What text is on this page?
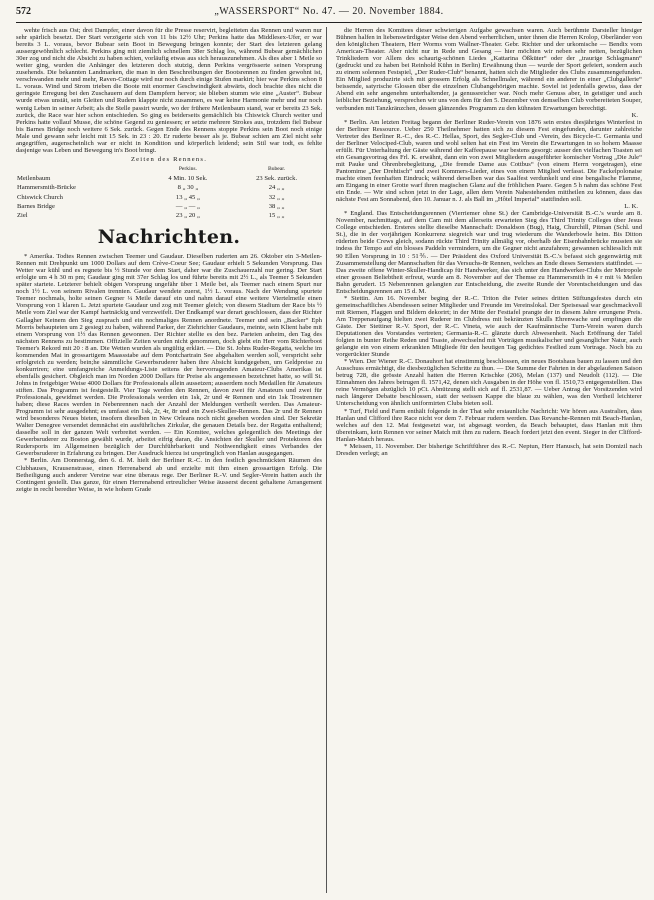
572	„WASSERSPORT“ No. 47. — 20. November 1884.

wehte frisch aus Ost; drei Dampfer, einer davon für die Presse reservirt, begleiteten das Rennen und waren nur sehr spärlich besetzt. Der Start verzögerte sich von 11 bis 12½ Uhr; Perkins hatte das Middlesex-Ufer, er war bereits 3 L. voraus, bevor Bubear sein Boot in Bewegung bringen konnte; der Start des letzteren gelang aussergewöhnlich schlecht. Perkins ging mit ziemlich schnellem 38er Schlag los, während Bubear gemächlichen 30er zog und nicht die Absicht zu haben schien, vorläufig etwas aus sich herauszunehmen. Als dies aber 1 Meile so weiter ging, wurden die Anhänger des letzteren doch stutzig, denn Perkins vergrösserte seinen Vorsprung zusehends. Die bekannten Landmarken, die man in den Beschreibungen der Bootsrennen zu finden gewohnt ist, verschwanden mehr und mehr, Raven-Cottage wird nur noch durch einige Stufen markirt; hier war Perkins schon 8 L. voraus. Wind und Strom trieben die Boote mit enormer Geschwindigkeit abwärts, doch brachte dies nicht die geringste Erregung bei den Zuschauern auf dem Dampfern hervor; sie blieben stumm wie eine „Auster“. Bubear wurde etwas unstät, sein Gleiten und Rudern klappte nicht zusammen, es war keine Harmonie mehr und nur noch wenig Leben in seiner Arbeit; als die Stelle passirt wurde, wo der frühere Meilenbaum stand, war er bereits 23 Sek. zurück, die Race war hier schon entschieden. So ging es beiderseits gemächlich bis Chiswick Church weiter und Perkins hatte vollauf Musse, die schöne Gegend zu geniessen; er setzte mehrere Strokes aus, trotzdem fiel Bubear bis Barnes Bridge noch weitere 6 Sek. zurück. Gegen Ende des Rennens stoppte Perkins sein Boot noch einige Male und gewann sehr leicht mit 15 Sek. in 23 : 20. Er ruderte besser als je. Bubear schien am Ziel nicht sehr angegriffen, augenscheinlich war er nicht in Kondition und körperlich leidend; sein Stil war todt, es fehlte dasjenige was Leben und Bewegung in's Boot bringt.

Zeiten des Rennens.
	Perkins.	Bubear.
Meilenbaum	4 Min. 10 Sek.	23 Sek. zurück.
Hammersmith-Brücke	8 „ 30 „	24 „ „
Chiswick Church	13 „ 45 „	32 „ „
Barnes Bridge	— „ — „	38 „ „
Ziel	23 „ 20 „	15 „ „

Nachrichten.

* Amerika. Todtes Rennen zwischen Teemer und Gaudaur. Dieselben ruderten am 26. Oktober ein 3-Meilen-Rennen mit Drehpunkt um 1000 Dollars auf dem Crève-Coeur See; Gaudaur erhielt 5 Sekunden Vorsprung. Das Wetter war kühl und es regnete bis ½ Stunde vor dem Start, daher war die Zuschauerzahl nur gering. Der Start erfolgte um 4 h 30 m pm; Gaudaur ging mit 37er Schlag los und führte bereits mit 2½ L., als Teemer 5 Sekunden später startete. Letzterer behielt obigen Vorsprung ungefähr über 1 Meile bei, als Teemer nach einem Spurt nur noch 1½ L. von seinem Rivalen trennten. Gaudaur wendete zuerst, 1½ L. voraus. Nach der Wendung spurtete Teemer nochmals, holte seinen Gegner ¼ Meile darauf ein und nahm darauf eine weitere Viertelmeile einen Vorsprung von 1 klaren L. Jetzt spurtete Gaudaur und zog mit Teemer gleich; von diesem Stadium der Race bis ½ Meile vom Ziel war der Kampf hartnäckig und verzweifelt. Der Endkampf war derart geschlossen, dass der Richter Gallagher Keinem den Sieg zusprach und ein nochmaliges Rennen anordnete. Teemer und sein „Backer“ Eph Morris behaupteten um 2 gesiegt zu haben, während Parker, der Ziehrichter Gaudaurs, meinte, sein Klient habe mit einem Vorsprung von 1½ das Rennen gewonnen. Der Richter stellte es den bez. Parteien anheim, den Tag des nächsten Rennens zu bestimmen. Offizielle Zeiten wurden nicht genommen, doch giebt ein Herr vom Richterboot Teemer's Rekord mit 20 : 8 an. Die Wetten wurden als ungültig erklärt. — Die St. Johns Ruder-Regatta, welche im kommenden Mai in grossartigem Maassstabe auf dem Pontchartrain See abgehalten werden soll, verspricht sehr erfolgreich zu werden; bein;he sämmtliche Gewerbsruderer haben ihre Absicht kundgegeben, um Geldpreise zu konkurriren; eine umfangreiche Anmeldungs-Liste seitens der hervorragenden Amateur-Clubs Amerikas ist ebenfalls gesichert. Obgleich man im Norden 2000 Dollars für Preise als angemessen bezeichnet hatte, so will St. Johns in freigebiger Weise 4000 Dollars für Professionals allein aussetzen; ausserdem noch Medaillen für Amateurs stiften. Das Programm ist festgestellt. Vier Tage werden den Rennen, davon zwei für Amateurs und zwei für Professionals, gewidmet werden. Die Professionals werden ein 1sk, 2r und 4r Rennen und ein 1sk Trostrennen haben; diese Races werden in Nebenrennen nach der Anzahl der Meldungen vertheilt werden. Das Amateur-Programm ist sehr ausgedehnt; es umfasst ein 1sk, 2r, 4r, 8r und ein Zwei-Skuller-Rennen. Das 2r und 8r Rennen wird besonderes Neues bieten, insofern dieselben in New Orleans noch nicht gesehen worden sind. Der Sekretär Walter Denegree versendet demnächst ein ausführliches Zirkular, die genauen Details bez. der Regatta enthaltend; dasselbe soll in der ganzen Welt verbreitet werden. — Ein Komitee, welches gelegentlich des Meetings der Gewerbsruderer zu Boston gewählt wurde, arbeitet eifrig daran, die Ansichten der Skuller und Protektoren des Rudersports im Allgemeinen bezüglich der Durchführbarkeit und Nothwendigkeit eines Verbandes der Gewerbsruderer in Erfahrung zu bringen. Der Ausdruck hierzu ist ursprünglich von Hanlan ausgegangen.

* Berlin. Am Donnerstag, den 6. d. M. hielt der Berliner R.-C. in den festlich geschmückten Räumen des Clubhauses, Krausenstrasse, einen Herrenabend ab und erzielte mit ihm einen grossartigen Erfolg. Die Betheiligung auch anderer Vereine war eine überaus rege. Der Berliner R.-V. und Segler-Verein hatten auch ihr Contingent gestellt. Das ganze, für einen Herrenabend ertreulicher Weise äusserst decent gehaltene Arrangement zeigte in recht beredter Weise, in wie hohem Grade

die Herren des Komitees dieser schwierigen Aufgabe gewachsen waren. Auch berühmte Darsteller hiesiger Bühnen halfen in liebenswürdigster Weise den Abend verherrlichen, unter ihnen die Herren Krolop, Oberländer von den königlichen Theatern, Herr Worms vom Wallner-Theater. Gebr. Richter und der urkomische — Bendix vom American-Theater. Aber nicht nur in Rede und Gesang — hier möchten wir neben sehr netten, bezüglichen Trinkliedern vor Allem des schaurig-schönen Liedes „Kattarina Ößküter“ oder der „traurige Schlagmann“ (gedruckt und zu haben bei Reinhold Kühn in Berlin) Erwähnung thun — wurde der Sport gefeiert, sondern auch zu einem solennen Festspiel, „Der Ruder-Club“ benannt, hatten sich die Mitglieder des Clubs zusammengefunden. Ein Mitglied produzirte sich mit grossem Erfolg als Schnellmaler, während ein anderer in einer „Clubgallerie“ beissende, satyrische Glossen über die einzelnen Clubangehörigen machte. Soviel ist jedenfalls gewiss, dass der Abend ein sehr angenehm unterhaltender, ja genussreicher war. Noch mehr Genuss aber, in geistiger und auch leiblicher Beziehung, versprechen wir uns von dem für den 5. Dezember von demselben Club vorbereiteten Souper, verbunden mit Tanzkränzchen, dessen glänzendes Programm zu den kühnsten Erwartungen berechtigt.

K.

* Berlin. Am letzten Freitag begann der Berliner Ruder-Verein von 1876 sein erstes diesjähriges Winterfest in der Berliner Ressource. Ueber 250 Theilnehmer hatten sich zu diesem Fest eingefunden, darunter zahlreiche Vertreter des Berliner R.-C., des R.-C. Hellas, Sport, des Segler-Club und -Verein, des Bicycle-C. Germania und der Berliner Velociped-Club, waren und wohl selten hat ein Fest im Verein die Erwartungen in so hohem Maasse erfüllt. Für Unterhaltung der Gäste während der Kaffeepause war bestens gesorgt: ausser den vielfachen Toasten sei ein Gesangsvortrag des Frl. K. erwähnt, dann ein von zwei Mitgliedern ausgeführter komischer Vortrag „Die Jule“ mit Pauke und Ohrenbrebegleitung, „Die fremde Dame aus Cottbus“ (von einem Herrn vorgetragen), eine Pantomime „Der Drehtisch“ und zwei Kommers-Lieder, eines von einem Mitglied verfasst. Die Fackelpolonaise machte einen feenhaften Eindruck; während derselben war das Saalfest verdunkelt und eine bengalische Flamme, am Eingang in einer Grotte warf ihren magischen Glanz auf die fröhlichen Paare. Gegen 5 h nahm das schöne Fest ein Ende. — Wir sind schon jetzt in der Lage, allen dem Verein Nahestehenden mittheilen zu können, dass das nächste Fest am Sonnabend, den 10. Januar n. J. als Ball im „Hôtel Imperial“ stattfinden soll.

L. K.

* England. Das Entscheidungsrennen (Vierriemer ohne St.) der Cambridge-Universität B.-C.'s wurde am 8. November, nachmittags, auf dem Cam mit dem allerseits erwarteten Sieg des Third Trinity Colleges über Jesus College entschieden. Ersteres stellte dieselbe Mannschaft: Donaldson (Bug), Haig, Churchill, Pitman (Schl. und St.), die in der vorjährigen Konkurrenz siegreich war und trug wiederum die Wanderbowle heim. Bis Ditton rüderten beide Crews gleich, sodann rückte Third Trinity allmälig vor, oberhalb der Eisenbahnbrücke mussten sie indess ihr Tempo auf ein blosses Paddeln vermindern, um die Gegner nicht anzufahren; gewannen schliesslich mit 90 Ellen Vorsprung in 10 : 51⅗. — Der Präsident des Oxford Universität B.-C.'s befasst sich gegenwärtig mit Zusammenstellung der Mannschaften für das Versuchs-8r Rennen, welches an Ende dieses Semesters stattfindet. — Das zweite offene Winter-Skuller-Handicap für Handwerker, das sich unter den Handwerker-Clubs der Metropole einer grossen Beliebtheit erfreut, wurde am 8. November auf der Themse zu Hammersmith in 4 r mit ¼ Meilen Bahn gerudert. 15 Nebenrennen gelangten zur Entscheidung, die zweite Runde der Vorentscheidungen und das Entscheidungsrennen am 15 d. M.

* Stettin. Am 16. November beging der R.-C. Triton die Feier seines dritten Stiftungsfestes durch ein gemeinschaftliches Abendessen seiner Mitglieder und Freunde im Vereinslokal. Der Speisesaal war geschmackvoll mit Riemen, Flaggen und Bildern dekorirt; in der Mitte der Festtafel prangte der in diesem Jahre errungene Preis. Am Treppenaufgang hielten zwei Ruderer im Clubdress mit bekränzten Skulls Ehrenwache und empfingen die Gäste. Der Stettiner R.-V. Sport, der R.-C. Vineta, wie auch der Kaufmännische Turn-Verein waren durch Deputationen des Vorstandes vertreten; Germania-R.-C. glänzte durch Abwesenheit. Nach Eröffnung der Tafel folgten in bunter Reihe Reden und Toaste, abwechselnd mit Vorträgen musikalischer und gesanglicher Natur, auch gelangte ein von einem erkrankten Mitgliede für den heutigen Tag gedichtes Festlied zum Vortrage. Noch bis zu vorgerückter Stunde

* Wien. Der Wiener R.-C. Donauhort hat einstimmig beschlossen, ein neues Bootshaus bauen zu lassen und den Ausschuss ermächtigt, die diesbezüglichen Schritte zu thun. — Die Summe der Fahrten in der abgelaufenen Saison betrug 728, die grösste Anzahl hatten die Herren Krischke (206), Melan (137) und Neudolt (112). — Die Einnahmen des Jahres betrugen fl. 1571,42, denen sich Ausgaben in der Höhe von fl. 1510,73 entgegenstellten. Das reine Vermögen abzüglich 10 pCt. Abnützung stellt sich auf fl. 2531,87. — Ueber Antrag der Vorsitzenden wird nach längerer Debatte beschlossen, statt der weissen Kappe die blaue zu wählen, was den Vortheil leichterer Unterscheidung von ähnlich uniformirten Clubs bieten soll.

* Turf, Field und Farm enthält folgende in der That sehr erstaunliche Nachricht: Wir hören aus Australien, dass Hanlan und Clifford ihre Race nicht vor dem 7. Februar rudern werden. Das Revanche-Rennen mit Beach-Hanlan, welches auf den 12. Mai festgesetzt war, ist abgesagt worden, da Beach behauptet, dass Hanlan mit ihm übereinkam, kein Rennen vor seiner Match mit ihm zu rudern. Beach fordert jetzt den event. Sieger in der Clifford-Hanlan-Match heraus.

* Meissen, 11. November. Der bisherige Schriftführer des R.-C. Neptun, Herr Hanusch, hat sein Domizil nach Dresden verlegt; an
